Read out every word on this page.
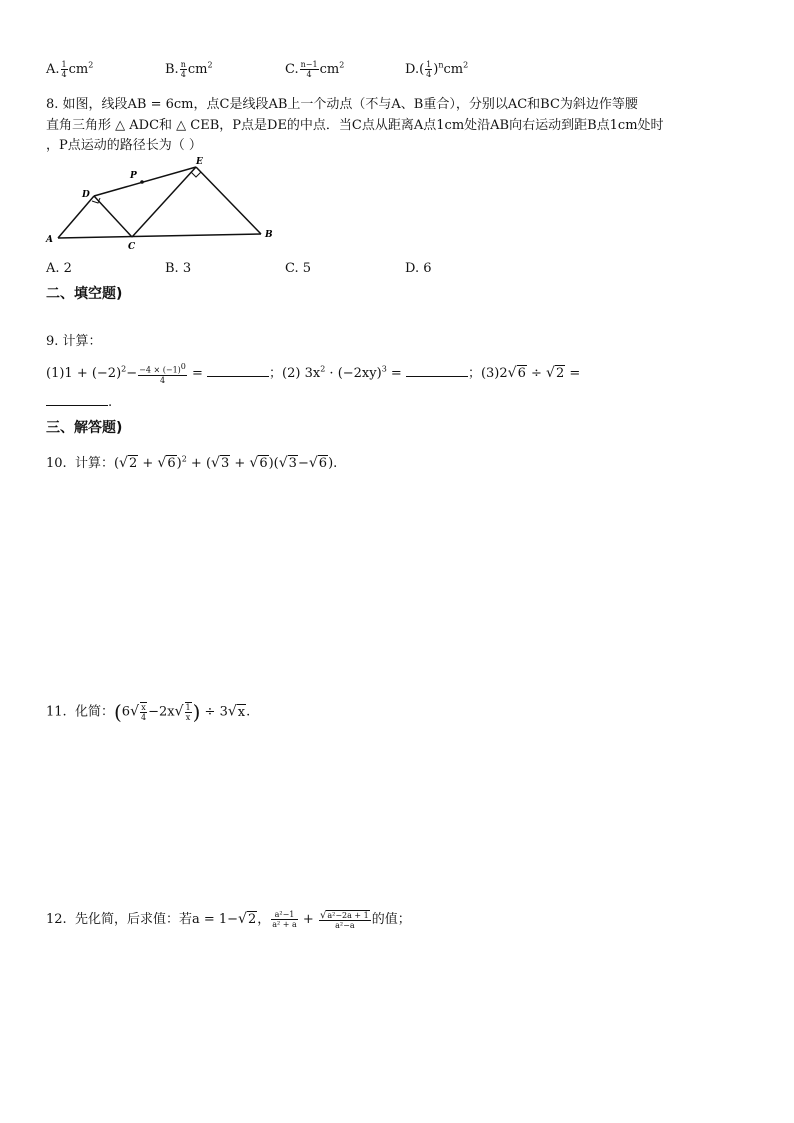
A. $\frac{1}{4} cm^2$	B. $\frac{n}{4} cm^2$	C. $\frac{n-1}{4} cm^2$	$D.( \frac{1}{4} )^ncm^2$
8. 如图，线段AB = 6cm，点C是线段AB上一个动点（不与A、B重合），分别以AC和BC为斜边作等腰
直角三角形 △ ADC和 △ CEB，P点是DE的中点．当C点从距离A点1cm处沿AB向右运动到距B点1cm处时
，P点运动的路径长为（ ）
A
D
P
E
C
B
A. 2	B. 3	C. 5	D. 6
二、填空题)
9. 计算：
$(1)1 + (-2)^2- \frac{-4 \times (-1)^0}{4}$ =	；(2) $3x^2 \cdot (-2xy)^3$ =	；(3)2√6 ÷ √2 =
.
三、解答题)
10. 计算：$(√2 + √6)^2 + (√3 + √6)(√3-√6)$.
11. 化简：($6√ \frac{x}{4} -2x√ \frac{1}{x}$ ) ÷ 3√x.
12. 先化简，后求值：若a = 1−√2， $\frac{\text{a²−1}}{\text{a² + a}} + \frac{\text{√a²−2a + 1}}{\text{a²−a}}$ 的值；
